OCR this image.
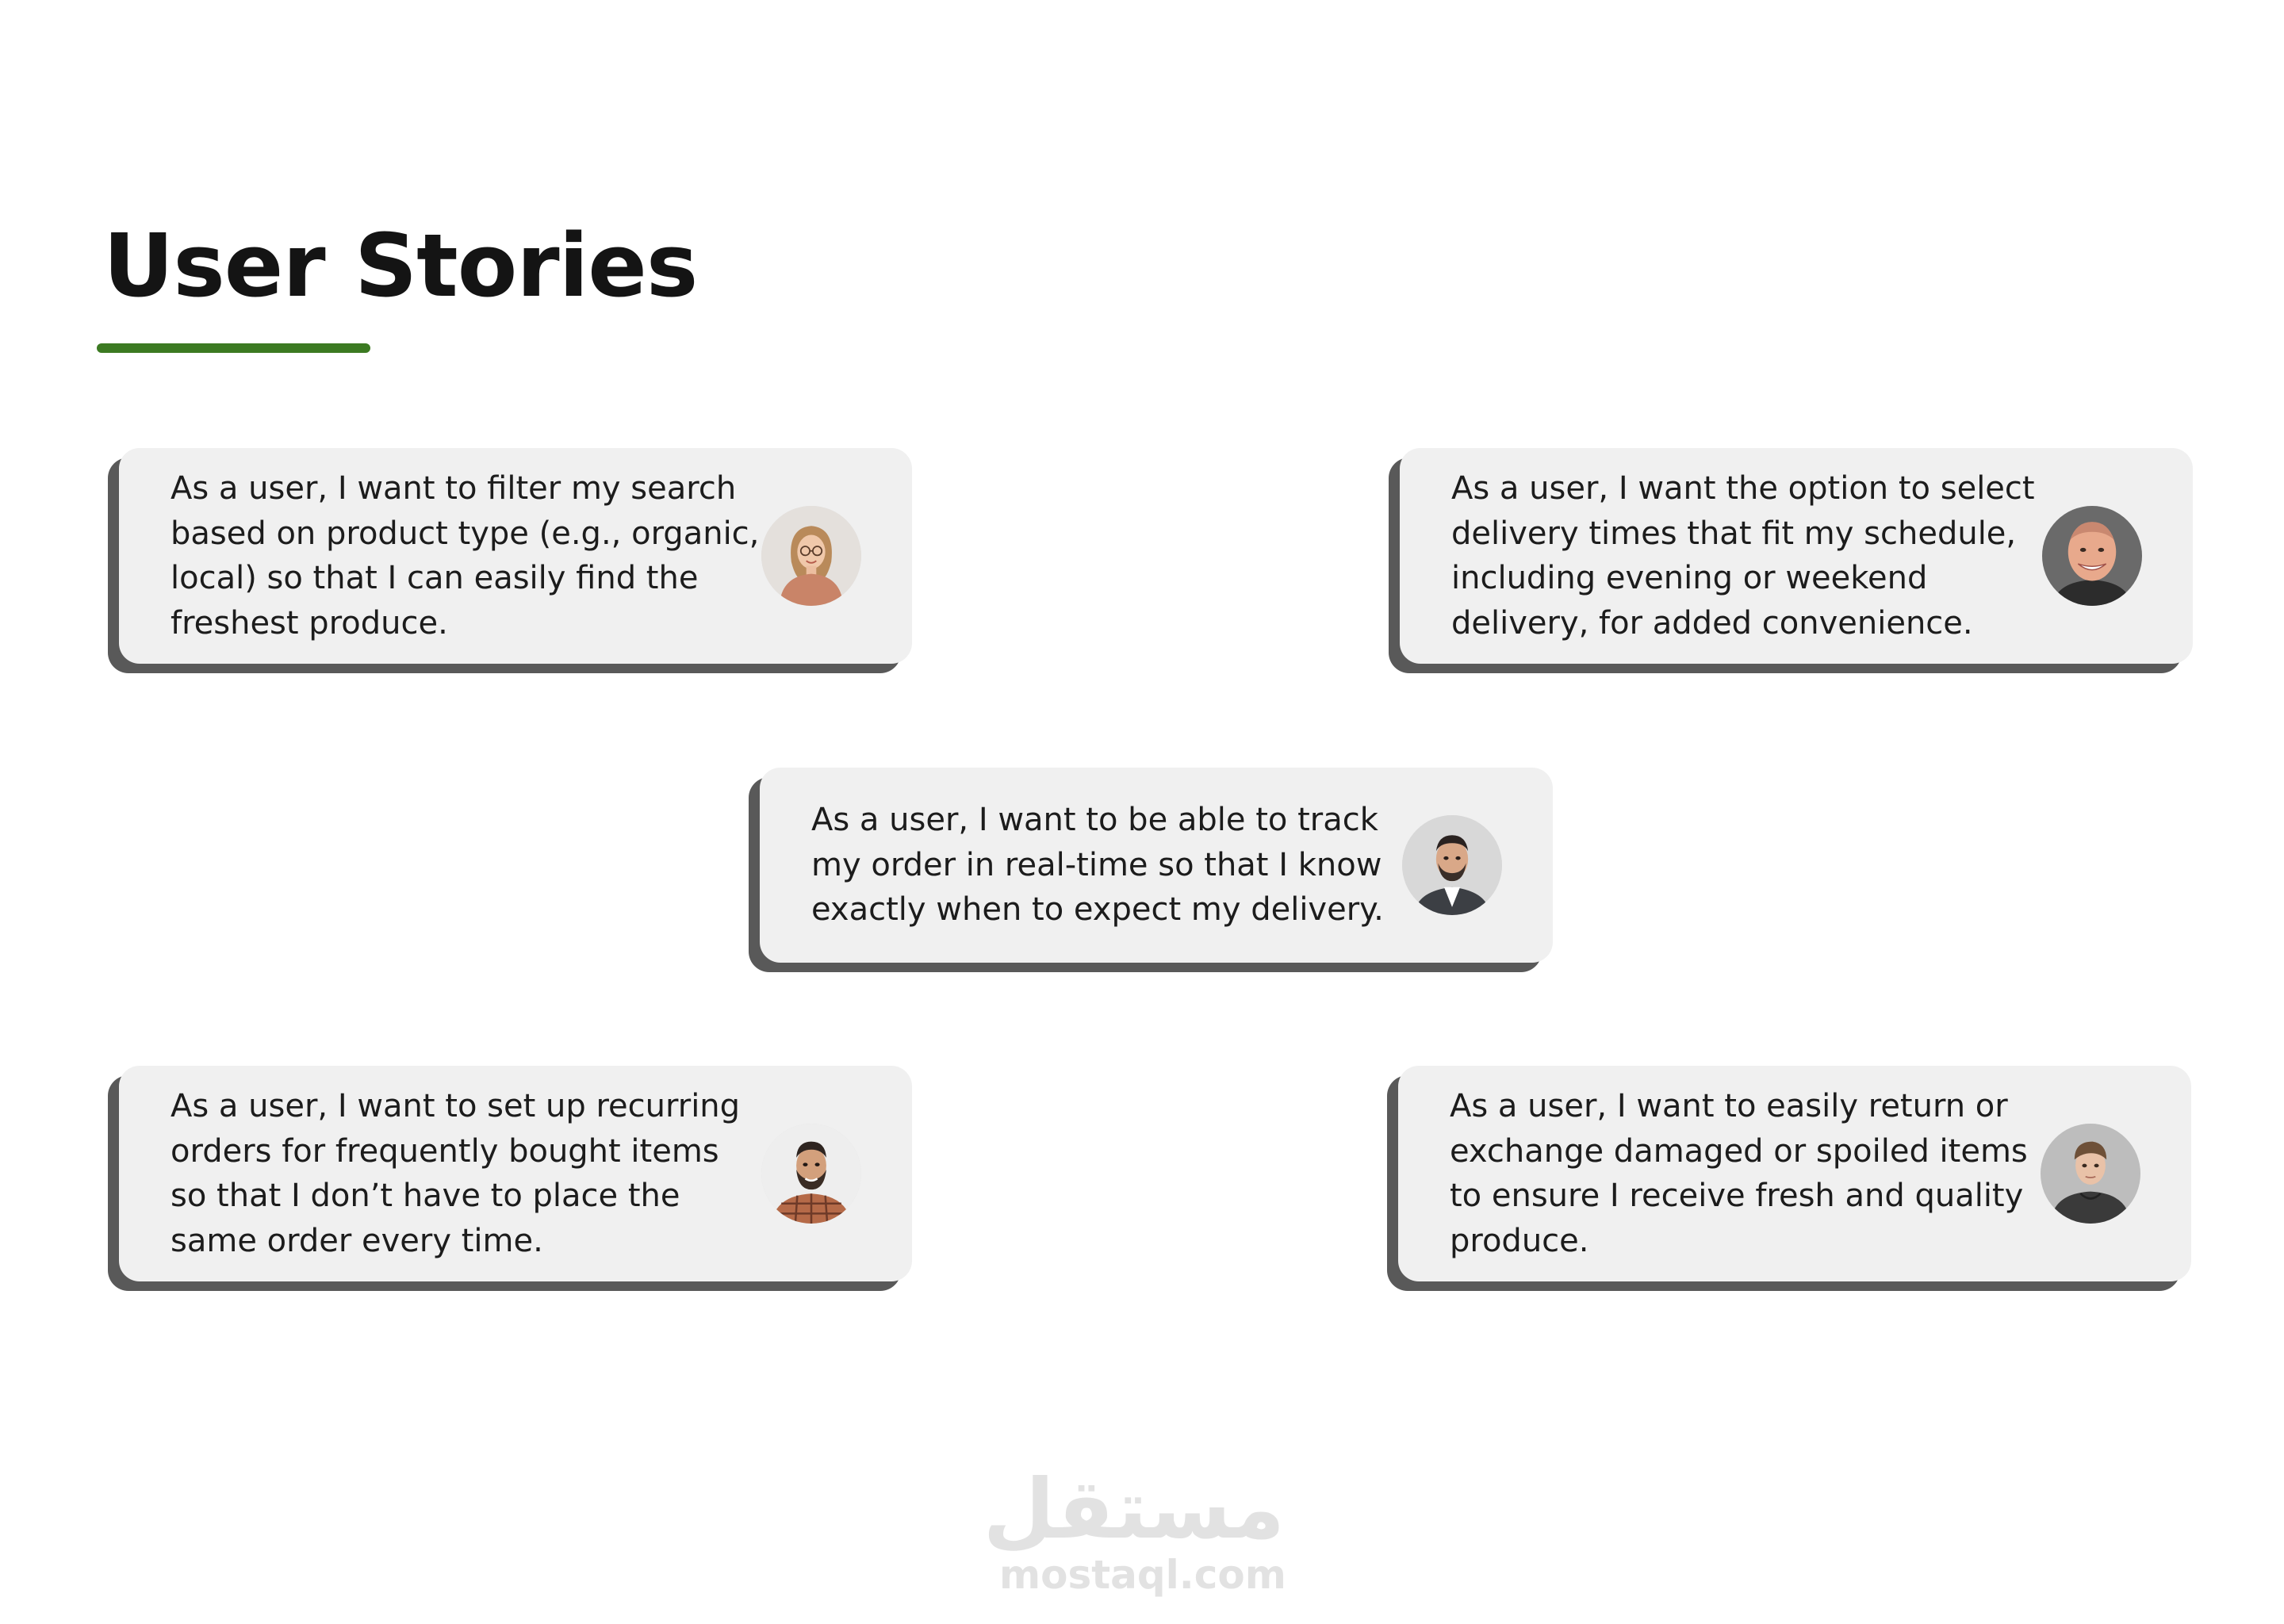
User Stories

As a user, I want to filter my search based on product type (e.g., organic, local) so that I can easily find the freshest produce.

As a user, I want the option to select delivery times that fit my schedule, including evening or weekend delivery, for added convenience.

As a user, I want to be able to track my order in real-time so that I know exactly when to expect my delivery.

As a user, I want to set up recurring orders for frequently bought items so that I don’t have to place the same order every time.

As a user, I want to easily return or exchange damaged or spoiled items to ensure I receive fresh and quality produce.

مستقل
mostaql.com
